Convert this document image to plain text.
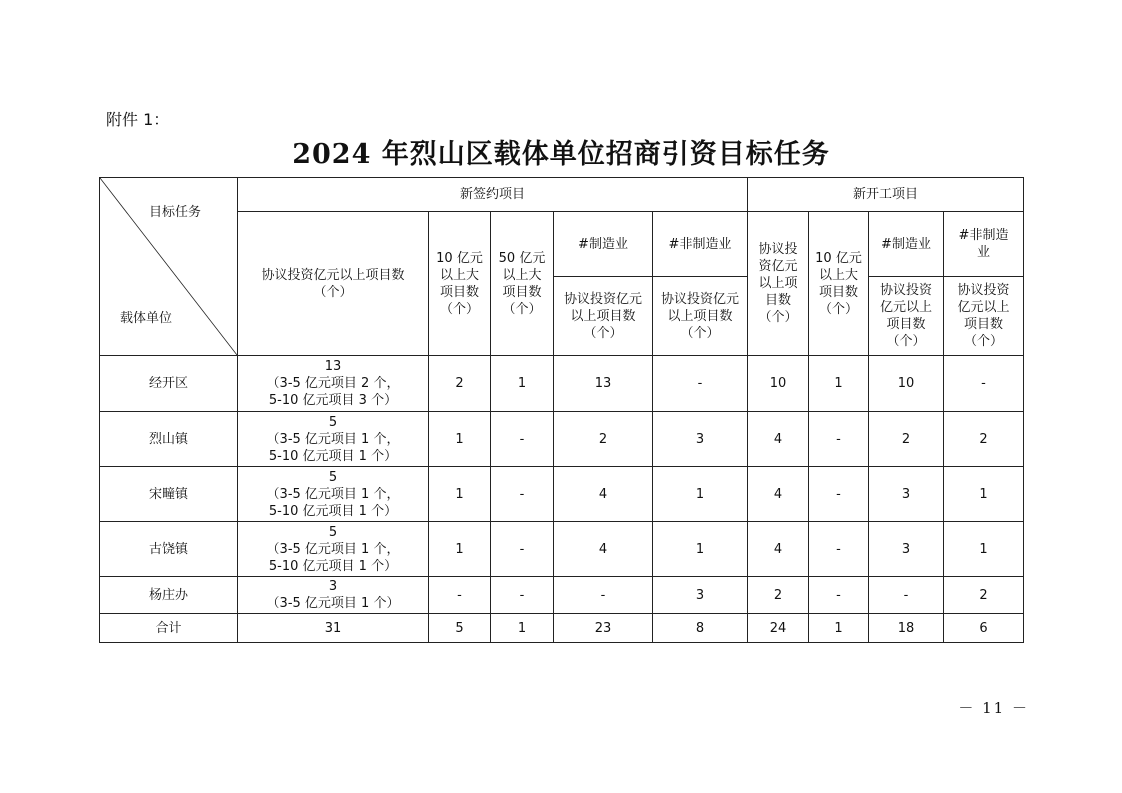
附件 1：
2024 年烈山区载体单位招商引资目标任务
目标任务
载体单位	新签约项目					新开工项目			
	协议投资亿元以上项目数（个）	10 亿元以上大项目数（个）	50 亿元以上大项目数（个）	#制造业	#非制造业	协议投资亿元以上项目数（个）	10 亿元以上大项目数（个）	#制造业	#非制造业
				协议投资亿元以上项目数（个）	协议投资亿元以上项目数（个）			协议投资亿元以上项目数（个）	协议投资亿元以上项目数（个）
经开区	13
（3-5 亿元项目 2 个，
5-10 亿元项目 3 个）	2	1	13	-	10	1	10	-
烈山镇	5
（3-5 亿元项目 1 个，
5-10 亿元项目 1 个）	1	-	2	3	4	-	2	2
宋疃镇	5
（3-5 亿元项目 1 个，
5-10 亿元项目 1 个）	1	-	4	1	4	-	3	1
古饶镇	5
（3-5 亿元项目 1 个，
5-10 亿元项目 1 个）	1	-	4	1	4	-	3	1
杨庄办	3
（3-5 亿元项目 1 个）	-	-	-	3	2	-	-	2
合计	31	5	1	23	8	24	1	18	6
－ 11 －
